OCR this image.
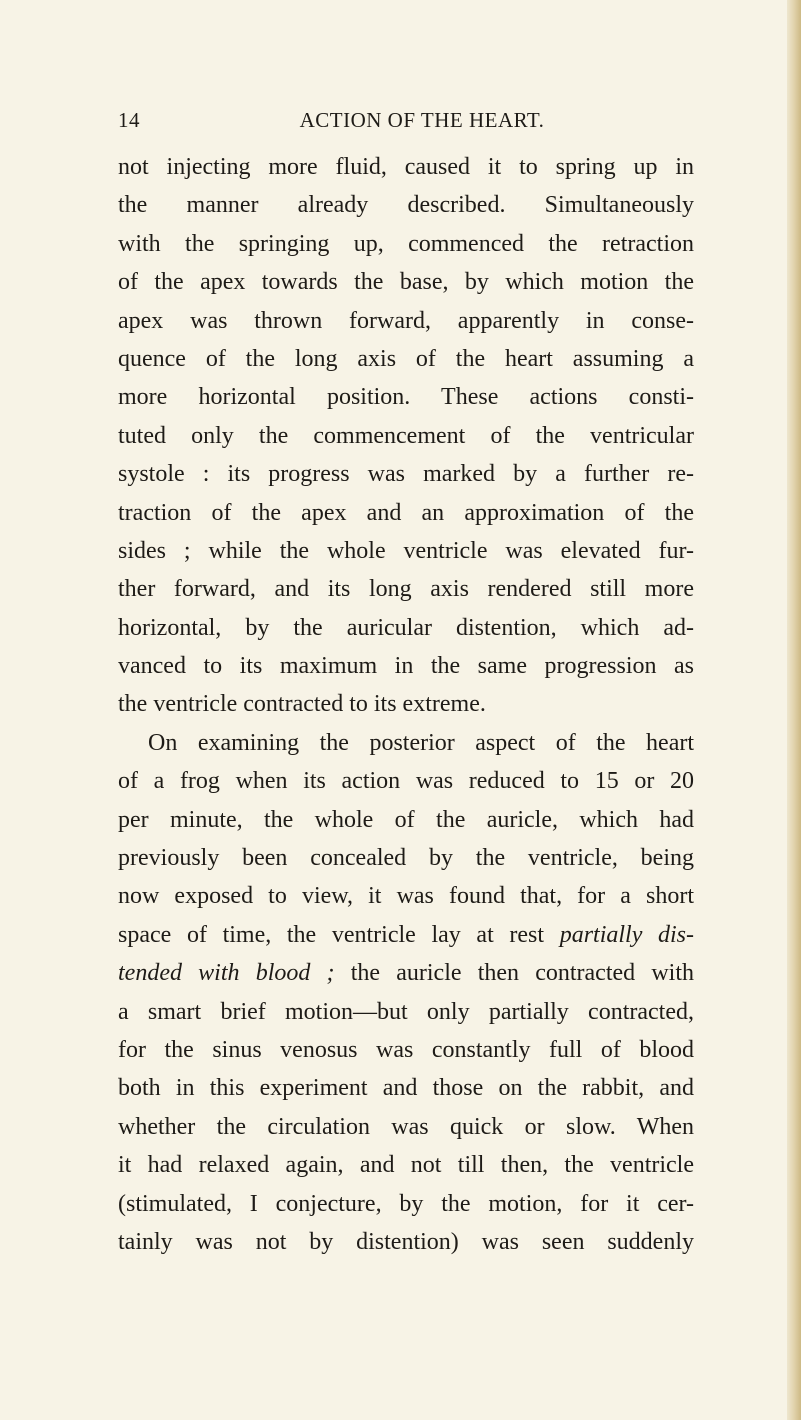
14	ACTION OF THE HEART.
not injecting more fluid, caused it to spring up in
the manner already described. Simultaneously
with the springing up, commenced the retraction
of the apex towards the base, by which motion the
apex was thrown forward, apparently in conse-
quence of the long axis of the heart assuming a
more horizontal position. These actions consti-
tuted only the commencement of the ventricular
systole : its progress was marked by a further re-
traction of the apex and an approximation of the
sides ; while the whole ventricle was elevated fur-
ther forward, and its long axis rendered still more
horizontal, by the auricular distention, which ad-
vanced to its maximum in the same progression as
the ventricle contracted to its extreme.
On examining the posterior aspect of the heart
of a frog when its action was reduced to 15 or 20
per minute, the whole of the auricle, which had
previously been concealed by the ventricle, being
now exposed to view, it was found that, for a short
space of time, the ventricle lay at rest partially dis-
tended with blood ; the auricle then contracted with
a smart brief motion—but only partially contracted,
for the sinus venosus was constantly full of blood
both in this experiment and those on the rabbit, and
whether the circulation was quick or slow. When
it had relaxed again, and not till then, the ventricle
(stimulated, I conjecture, by the motion, for it cer-
tainly was not by distention) was seen suddenly
